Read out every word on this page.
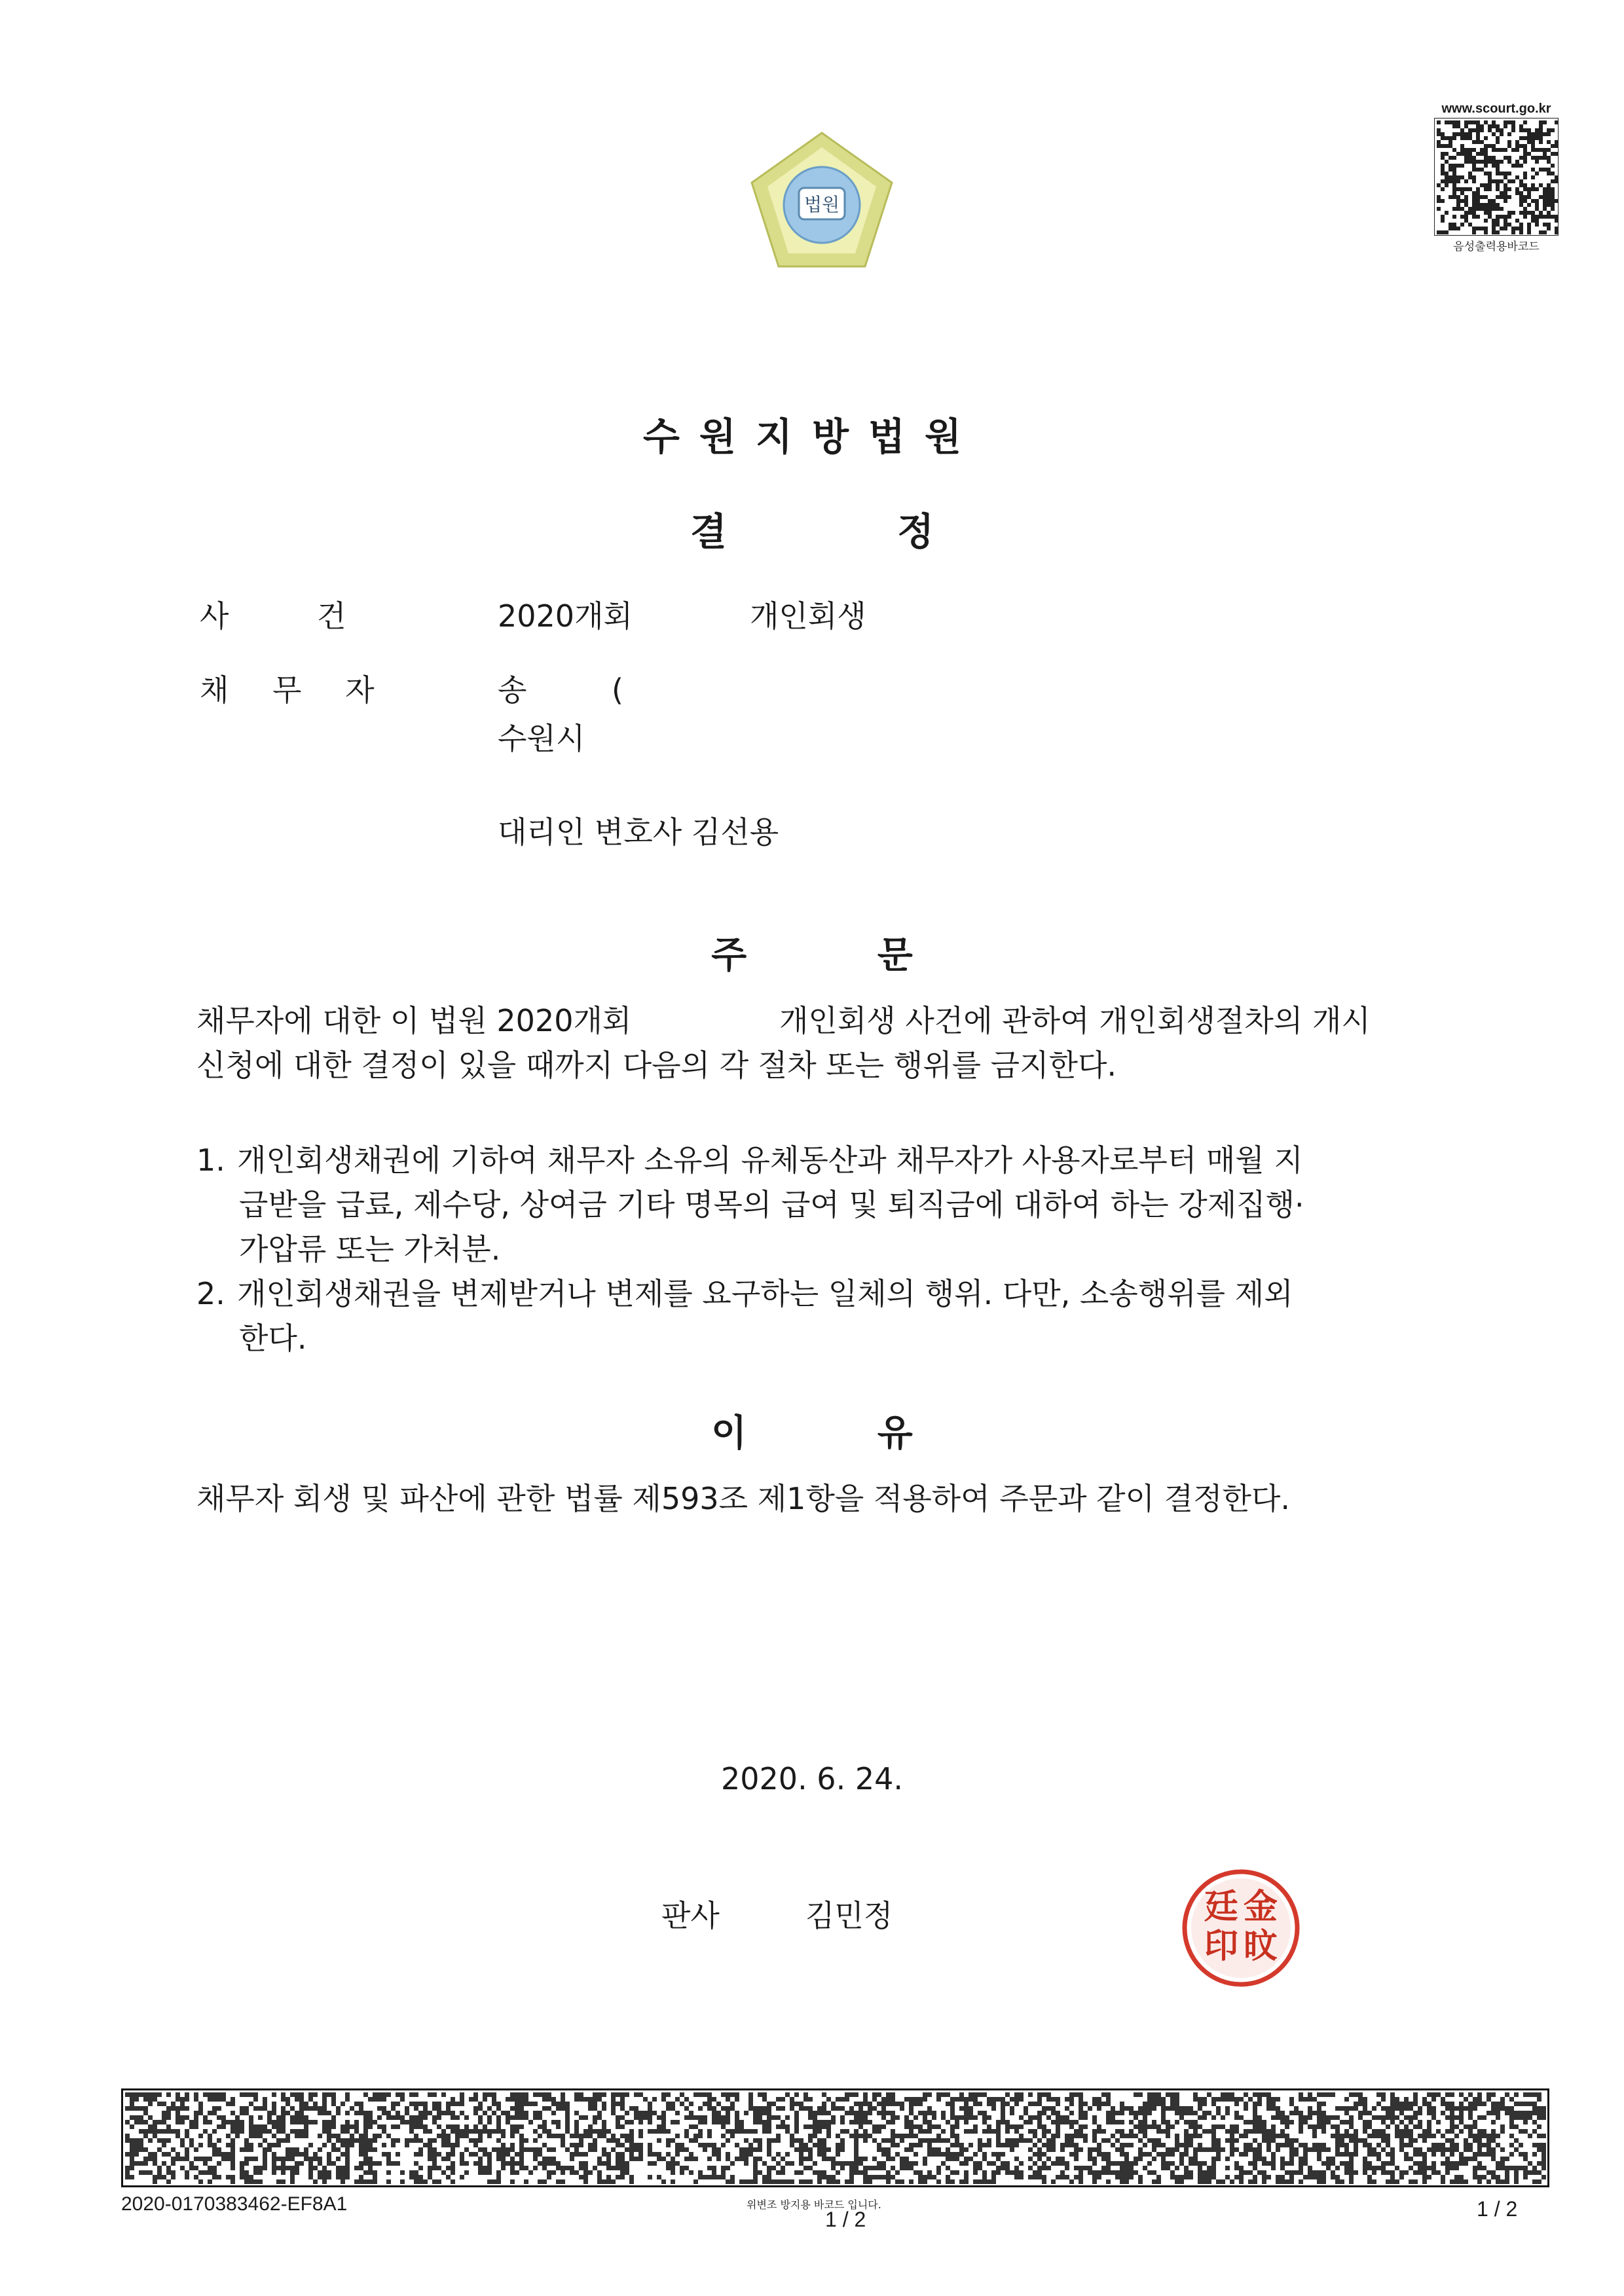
법원
www.scourt.go.kr
음성출력용바코드
수원지방법원
결 정
사 건	2020개회	개인회생
채 무 자	송 (
수원시
대리인 변호사 김선용
주 문
채무자에 대한 이 법원 2020개회	개인회생 사건에 관하여 개인회생절차의 개시
신청에 대한 결정이 있을 때까지 다음의 각 절차 또는 행위를 금지한다.
1. 개인회생채권에 기하여 채무자 소유의 유체동산과 채무자가 사용자로부터 매월 지
급받을 급료, 제수당, 상여금 기타 명목의 급여 및 퇴직금에 대하여 하는 강제집행·
가압류 또는 가처분.
2. 개인회생채권을 변제받거나 변제를 요구하는 일체의 행위. 다만, 소송행위를 제외
한다.
이 유
채무자 회생 및 파산에 관한 법률 제593조 제1항을 적용하여 주문과 같이 결정한다.
2020. 6. 24.
판사	김민정	金
旼
廷
印
2020-0170383462-EF8A1	위변조 방지용 바코드 입니다.
1 / 2	1 / 2
